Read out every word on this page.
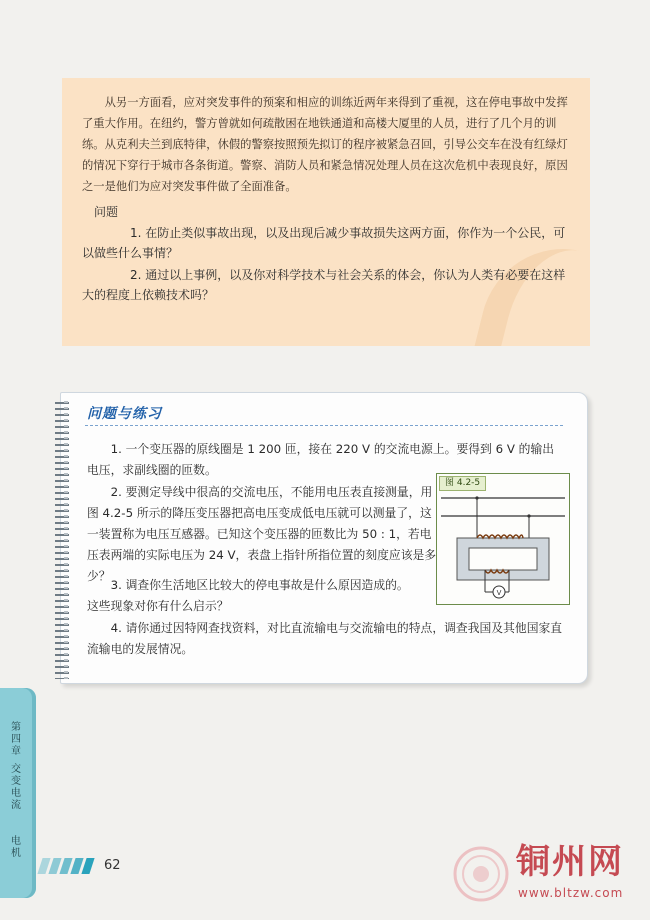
从另一方面看，应对突发事件的预案和相应的训练近两年来得到了重视，这在停电事故中发挥了重大作用。在纽约，警方曾就如何疏散困在地铁通道和高楼大厦里的人员，进行了几个月的训练。从克利夫兰到底特律，休假的警察按照预先拟订的程序被紧急召回，引导公交车在没有红绿灯的情况下穿行于城市各条街道。警察、消防人员和紧急情况处理人员在这次危机中表现良好，原因之一是他们为应对突发事件做了全面准备。

问题

1. 在防止类似事故出现，以及出现后减少事故损失这两方面，你作为一个公民，可以做些什么事情？

2. 通过以上事例，以及你对科学技术与社会关系的体会，你认为人类有必要在这样大的程度上依赖技术吗？

问题与练习

1. 一个变压器的原线圈是 1 200 匝，接在 220 V 的交流电源上。要得到 6 V 的输出电压，求副线圈的匝数。

2. 要测定导线中很高的交流电压，不能用电压表直接测量，用图 4.2-5 所示的降压变压器把高电压变成低电压就可以测量了，这一装置称为电压互感器。已知这个变压器的匝数比为 50 : 1，若电压表两端的实际电压为 24 V，表盘上指针所指位置的刻度应该是多少？

3. 调查你生活地区比较大的停电事故是什么原因造成的。这些现象对你有什么启示？

4. 请你通过因特网查找资料，对比直流输电与交流输电的特点，调查我国及其他国家直流输电的发展情况。

V
图 4.2-5
第四章
交变电流
电机
62	铜州网
www.bltzw.com
